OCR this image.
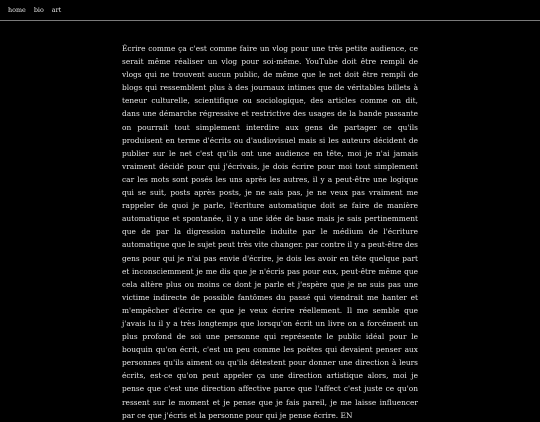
home bio art

Écrire comme ça c'est comme faire un vlog pour une très petite audience, ce serait même réaliser un vlog pour soi-même. YouTube doit être rempli de vlogs qui ne trouvent aucun public, de même que le net doit être rempli de blogs qui ressemblent plus à des journaux intimes que de véritables billets à teneur culturelle, scientifique ou sociologique, des articles comme on dit, dans une démarche régressive et restrictive des usages de la bande passante on pourrait tout simplement interdire aux gens de partager ce qu'ils produisent en terme d'écrits ou d'audiovisuel mais si les auteurs décident de publier sur le net c'est qu'ils ont une audience en tête, moi je n'ai jamais vraiment décidé pour qui j'écrivais, je dois écrire pour moi tout simplement car les mots sont posés les uns après les autres, il y a peut-être une logique qui se suit, posts après posts, je ne sais pas, je ne veux pas vraiment me rappeler de quoi je parle, l'écriture automatique doit se faire de manière automatique et spontanée, il y a une idée de base mais je sais pertinemment que de par la digression naturelle induite par le médium de l'écriture automatique que le sujet peut très vite changer. par contre il y a peut-être des gens pour qui je n'ai pas envie d'écrire, je dois les avoir en tête quelque part et inconsciemment je me dis que je n'écris pas pour eux, peut-être même que cela altère plus ou moins ce dont je parle et j'espère que je ne suis pas une victime indirecte de possible fantômes du passé qui viendrait me hanter et m'empêcher d'écrire ce que je veux écrire réellement. Il me semble que j'avais lu il y a très longtemps que lorsqu'on écrit un livre on a forcément un plus profond de soi une personne qui représente le public idéal pour le bouquin qu'on écrit, c'est un peu comme les poètes qui devaient penser aux personnes qu'ils aiment ou qu'ils détestent pour donner une direction à leurs écrits, est-ce qu'on peut appeler ça une direction artistique alors, moi je pense que c'est une direction affective parce que l'affect c'est juste ce qu'on ressent sur le moment et je pense que je fais pareil, je me laisse influencer par ce que j'écris et la personne pour qui je pense écrire. EN
